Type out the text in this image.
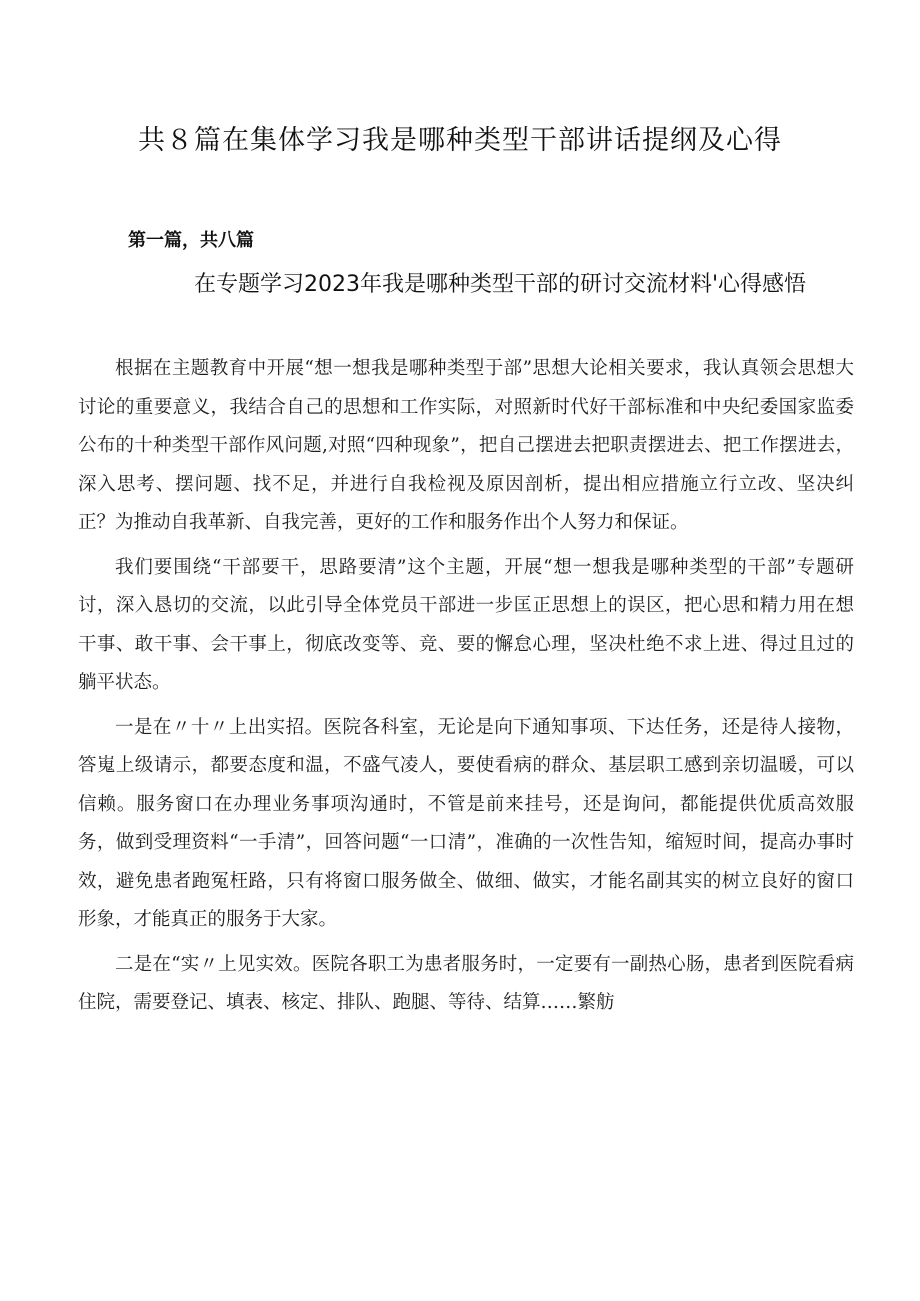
共８篇在集体学习我是哪种类型干部讲话提纲及心得
第一篇，共八篇
在专题学习2023年我是哪种类型干部的研讨交流材料'心得感悟

根据在主题教育中开展“想一想我是哪种类型于部”思想大论相关要求，我认真领会思想大讨论的重要意义，我结合自己的思想和工作实际，对照新时代好干部标准和中央纪委国家监委公布的十种类型干部作风问题,对照“四种现象”，把自己摆进去把职责摆进去、把工作摆进去，深入思考、摆问题、找不足，并进行自我检视及原因剖析，提出相应措施立行立改、坚决纠正？为推动自我革新、自我完善，更好的工作和服务作出个人努力和保证。

我们要围绕“干部要干，思路要清”这个主题，开展“想一想我是哪种类型的干部”专题研讨，深入恳切的交流，以此引导全体党员干部进一步匡正思想上的误区，把心思和精力用在想干事、敢干事、会干事上，彻底改变等、竞、要的懈怠心理，坚决杜绝不求上进、得过且过的躺平状态。

一是在〃十〃上出实招。医院各科室，无论是向下通知事项、下达任务，还是待人接物，答嵬上级请示，都要态度和温，不盛气凌人，要使看病的群众、基层职工感到亲切温暖，可以信赖。服务窗口在办理业务事项沟通时，不管是前来挂号，还是询问，都能提供优质高效服务，做到受理资料“一手清”，回答问题“一口清”，准确的一次性告知，缩短时间，提高办事时效，避免患者跑冤枉路，只有将窗口服务做全、做细、做实，才能名副其实的树立良好的窗口形象，才能真正的服务于大家。

二是在“实〃上见实效。医院各职工为患者服务时，一定要有一副热心肠，患者到医院看病住院，需要登记、填表、核定、排队、跑腿、等待、结算……繁舫
